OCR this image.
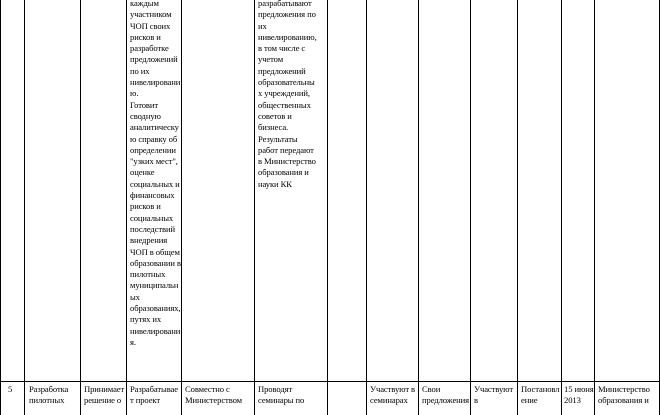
каждым
участником
ЧОП своих
рисков и
разработке
предложений
по их
нивелировани
ю.
Готовит
сводную
аналитическу
ю справку об
определении
"узких мест",
оценке
социальных и
финансовых
рисков и
социальных
последствий
внедрения
ЧОП в общем
образовании в
пилотных
муниципальн
ых
образованиях,
путях их
нивелировани
я.
разрабатывают
предложения по
их
нивелированию,
в том числе с
учетом
предложений
образовательны
х учреждений,
общественных
советов и
бизнеса.
Результаты
работ передают
в Министерство
образования и
науки КК
5	Разработка
пилотных
Принимает
решение о
Разрабатывае
т проект
Совместно с
Министерством
Проводят
семинары по
Участвуют в
семинарах
Свои
предложения
Участвуют
в
Постановл
ение
15 июня
2013
Министерство
образования и
